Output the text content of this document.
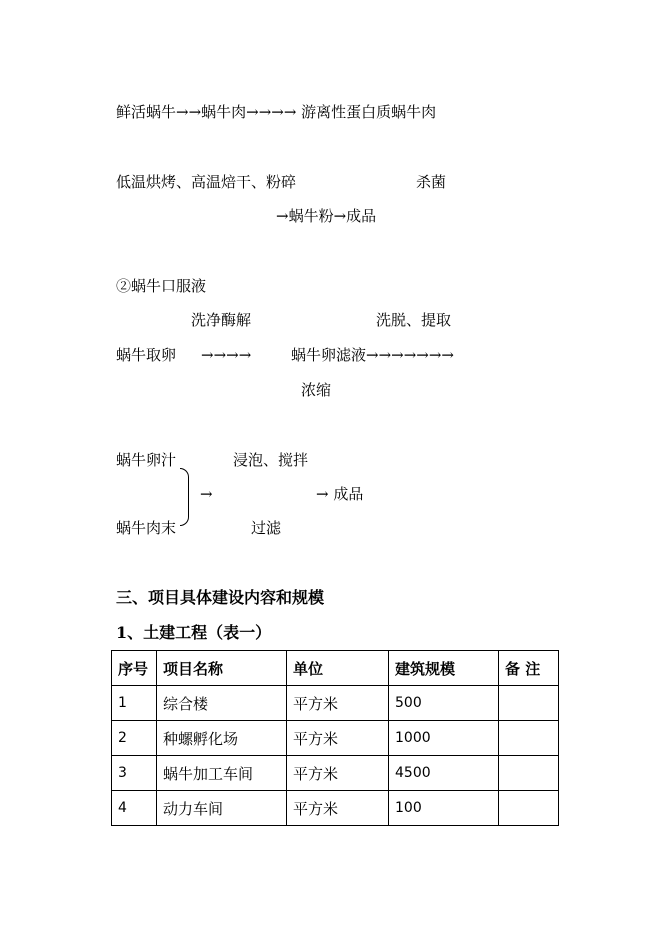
鲜活蜗牛→→蜗牛肉→→→→ 游离性蛋白质蜗牛肉
低温烘烤、高温焙干、粉碎	杀菌
→蜗牛粉→成品
②蜗牛口服液
洗净酶解	洗脱、提取
蜗牛取卵 →→→→	蜗牛卵滤液→→→→→→→
浓缩
蜗牛卵汁	浸泡、搅拌
→	→ 成品
蜗牛肉末	过滤
三、项目具体建设内容和规模
1、土建工程（表一）
序号	项目名称	单位	建筑规模	备 注
1	综合楼	平方米	500	
2	种螺孵化场	平方米	1000	
3	蜗牛加工车间	平方米	4500	
4	动力车间	平方米	100	
